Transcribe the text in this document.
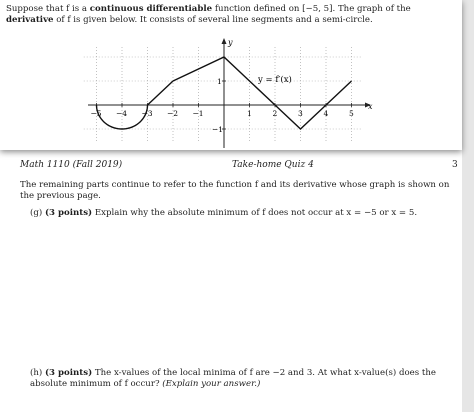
Suppose that f is a continuous differentiable function defined on [−5, 5]. The graph of the derivative of f is given below. It consists of several line segments and a semi-circle.
x
y
−5 −4 −3 −2 −1	1	2	3	4	5
1
−1
y = f′(x)
Math 1110 (Fall 2019)	Take-home Quiz 4	3
The remaining parts continue to refer to the function f and its derivative whose graph is shown on the previous page.
(g) (3 points) Explain why the absolute minimum of f does not occur at x = −5 or x = 5.
(h) (3 points) The x-values of the local minima of f are −2 and 3. At what x-value(s) does the absolute minimum of f occur? (Explain your answer.)
